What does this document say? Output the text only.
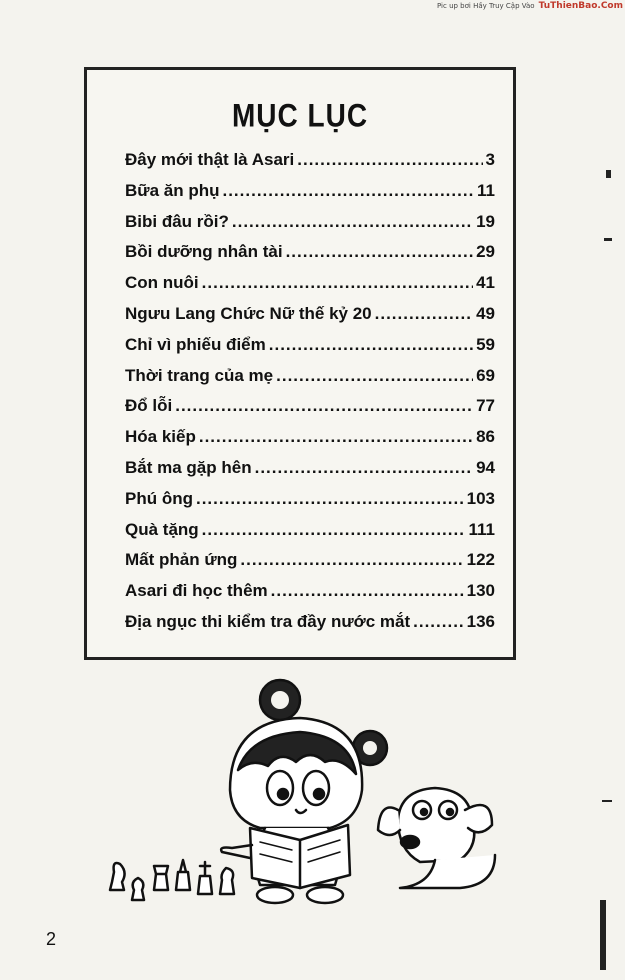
Pic up bơi Hầy Truy Cập Vào TuThienBao.Com
MỤC LỤC
Đây mới thật là Asari .....	3
Bữa ăn phụ .....	11
Bibi đâu rồi? .....	19
Bồi dưỡng nhân tài .....	29
Con nuôi .....	41
Ngưu Lang Chức Nữ thế kỷ 20 .....	49
Chỉ vì phiếu điểm .....	59
Thời trang của mẹ .....	69
Đổ lỗi .....	77
Hóa kiếp .....	86
Bắt ma gặp hên .....	94
Phú ông .....	103
Quà tặng .....	111
Mất phản ứng .....	122
Asari đi học thêm .....	130
Địa ngục thi kiểm tra đầy nước mắt .....	136
2
